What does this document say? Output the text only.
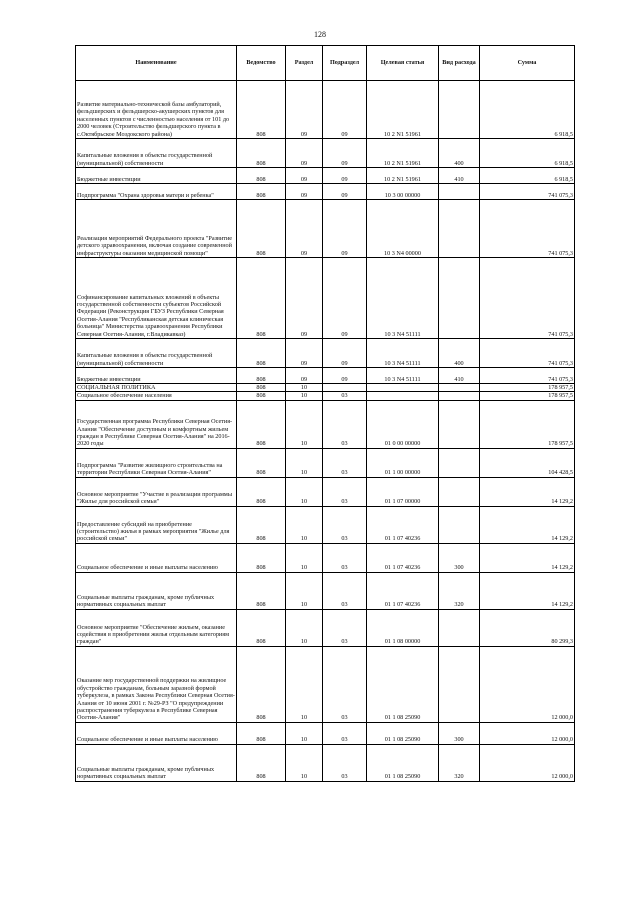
128
Наименование	Ведомство	Раздел	Подраздел	Целевая статья	Вид расхода	Сумма
Развитие материально-технической базы амбулаторий, фельдшерских и фельдшерско-акушерских пунктов для населенных пунктов с численностью населения от 101 до 2000 человек (Строительство фельдшерского пункта в с.Октябрьское Моздокского района)	808	09	09	10 2 N1 51961		6 918,5
Капитальные вложения в объекты государственной (муниципальной) собственности	808	09	09	10 2 N1 51961	400	6 918,5
Бюджетные инвестиции	808	09	09	10 2 N1 51961	410	6 918,5
Подпрограмма "Охрана здоровья матери и ребенка"	808	09	09	10 3 00 00000		741 075,3
Реализация мероприятий Федерального проекта "Развитие детского здравоохранения, включая создание современной инфраструктуры оказания медицинской помощи"	808	09	09	10 3 N4 00000		741 075,3
Софинансирование капитальных вложений в объекты государственной собственности субъектов Российской Федерации (Реконструкция ГБУЗ Республики Северная Осетия-Алания "Республиканская детская клиническая больница" Министерства здравоохранения Республики Северная Осетия-Алания, г.Владикавказ)	808	09	09	10 3 N4 51111		741 075,3
Капитальные вложения в объекты государственной (муниципальной) собственности	808	09	09	10 3 N4 51111	400	741 075,3
Бюджетные инвестиции	808	09	09	10 3 N4 51111	410	741 075,3
СОЦИАЛЬНАЯ ПОЛИТИКА	808	10				178 957,5
Социальное обеспечение населения	808	10	03			178 957,5
Государственная программа Республики Северная Осетия-Алания "Обеспечение доступным и комфортным жильем граждан в Республике Северная Осетия-Алания" на 2016-2020 годы	808	10	03	01 0 00 00000		178 957,5
Подпрограмма "Развитие жилищного строительства на территории Республики Северная Осетия-Алания"	808	10	03	01 1 00 00000		104 428,5
Основное мероприятие "Участие в реализации программы "Жилье для российской семьи"	808	10	03	01 1 07 00000		14 129,2
Предоставление субсидий на приобретение (строительство) жилья в рамках мероприятия "Жилье для российской семьи"	808	10	03	01 1 07 40236		14 129,2
Социальное обеспечение и иные выплаты населению	808	10	03	01 1 07 40236	300	14 129,2
Социальные выплаты гражданам, кроме публичных нормативных социальных выплат	808	10	03	01 1 07 40236	320	14 129,2
Основное мероприятие "Обеспечение жильем, оказание содействия в приобретении жилья отдельным категориям граждан"	808	10	03	01 1 08 00000		80 299,3
Оказание мер государственной поддержки на жилищное обустройство гражданам, больным заразной формой туберкулеза, в рамках Закона Республики Северная Осетия-Алания от 10 июня 2001 г. №29-РЗ "О предупреждении распространения туберкулеза в Республике Северная Осетия-Алания"	808	10	03	01 1 08 25090		12 000,0
Социальное обеспечение и иные выплаты населению	808	10	03	01 1 08 25090	300	12 000,0
Социальные выплаты гражданам, кроме публичных нормативных социальных выплат	808	10	03	01 1 08 25090	320	12 000,0
